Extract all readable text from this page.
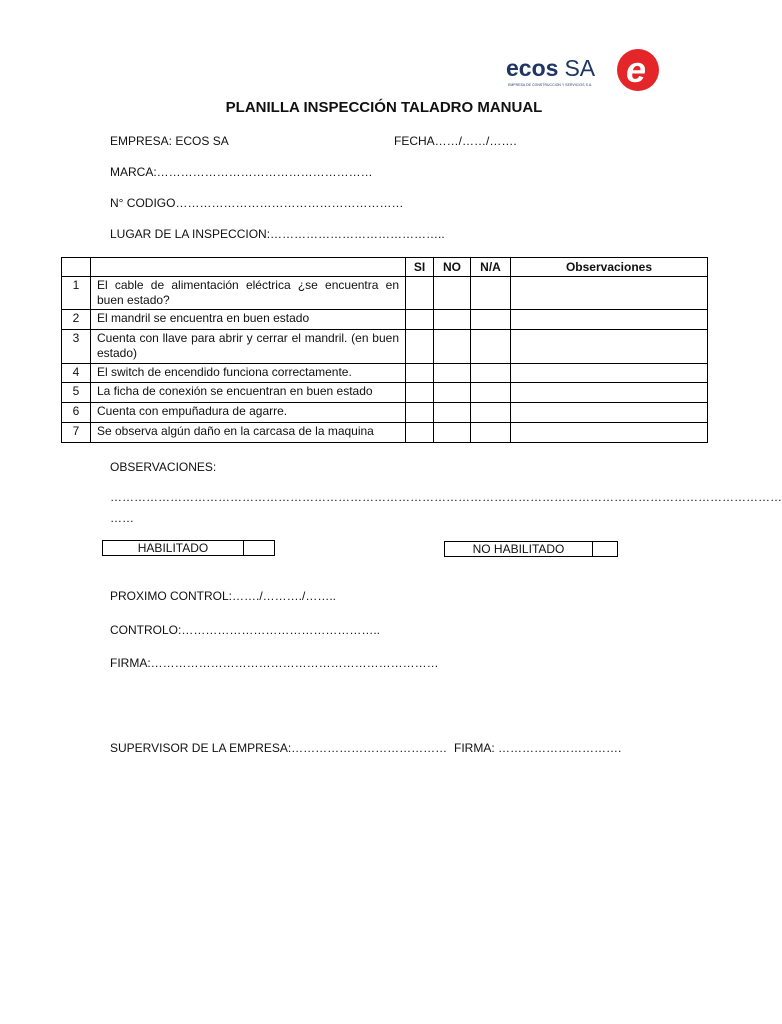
ecos SA
EMPRESA DE CONSTRUCCION Y SERVICIOS S.A. e
PLANILLA INSPECCIÓN TALADRO MANUAL
EMPRESA: ECOS SA	FECHA……/……/…….
MARCA:………………………………………………
N° CODIGO…………………………………………………
LUGAR DE LA INSPECCION:……………………………………..
		SI	NO	N/A	Observaciones
1	El cable de alimentación eléctrica ¿se encuentra en buen estado?				
2	El mandril se encuentra en buen estado				
3	Cuenta con llave para abrir y cerrar el mandril. (en buen estado)				
4	El switch de encendido funciona correctamente.				
5	La ficha de conexión se encuentran en buen estado				
6	Cuenta con empuñadura de agarre.				
7	Se observa algún daño en la carcasa de la maquina				
OBSERVACIONES:
……………………………………………………………………………………………………………………………………………………
……
HABILITADO	NO HABILITADO
PROXIMO CONTROL:……./………./……..
CONTROLO:…………………………………………..
FIRMA:………………………………………………………………
SUPERVISOR DE LA EMPRESA:………………………………… FIRMA: ………………………….
